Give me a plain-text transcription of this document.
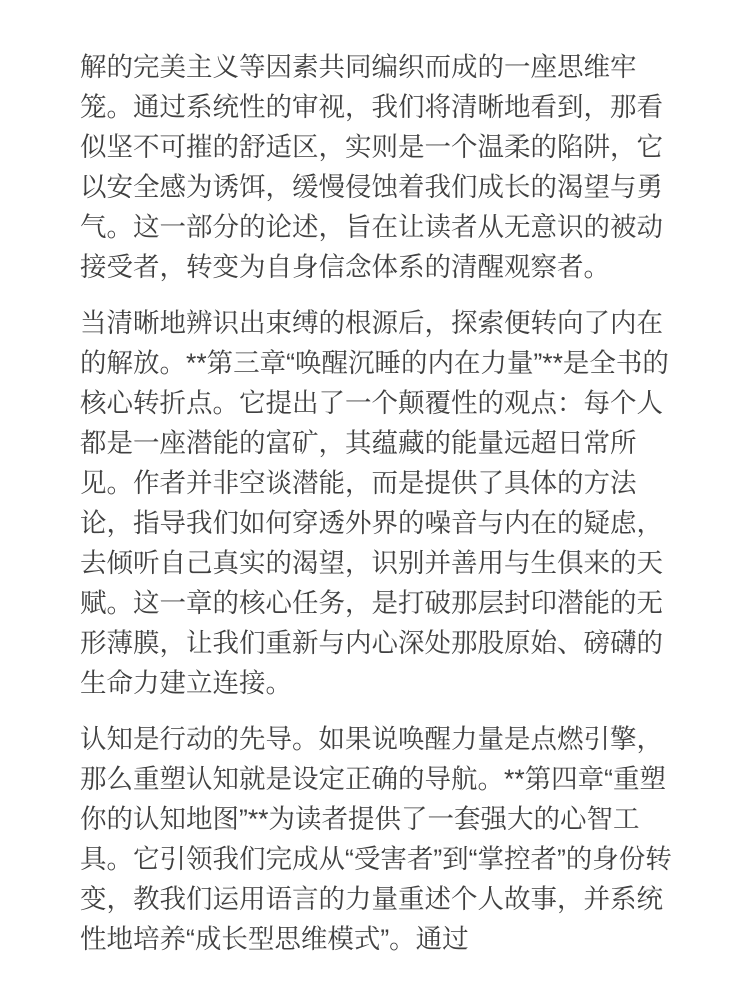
解的完美主义等因素共同编织而成的一座思维牢笼。通过系统性的审视，我们将清晰地看到，那看似坚不可摧的舒适区，实则是一个温柔的陷阱，它以安全感为诱饵，缓慢侵蚀着我们成长的渴望与勇气。这一部分的论述，旨在让读者从无意识的被动接受者，转变为自身信念体系的清醒观察者。

当清晰地辨识出束缚的根源后，探索便转向了内在的解放。**第三章“唤醒沉睡的内在力量”**是全书的核心转折点。它提出了一个颠覆性的观点：每个人都是一座潜能的富矿，其蕴藏的能量远超日常所见。作者并非空谈潜能，而是提供了具体的方法论，指导我们如何穿透外界的噪音与内在的疑虑，去倾听自己真实的渴望，识别并善用与生俱来的天赋。这一章的核心任务，是打破那层封印潜能的无形薄膜，让我们重新与内心深处那股原始、磅礴的生命力建立连接。

认知是行动的先导。如果说唤醒力量是点燃引擎，那么重塑认知就是设定正确的导航。**第四章“重塑你的认知地图”**为读者提供了一套强大的心智工具。它引领我们完成从“受害者”到“掌控者”的身份转变，教我们运用语言的力量重述个人故事，并系统性地培养“成长型思维模式”。通过
